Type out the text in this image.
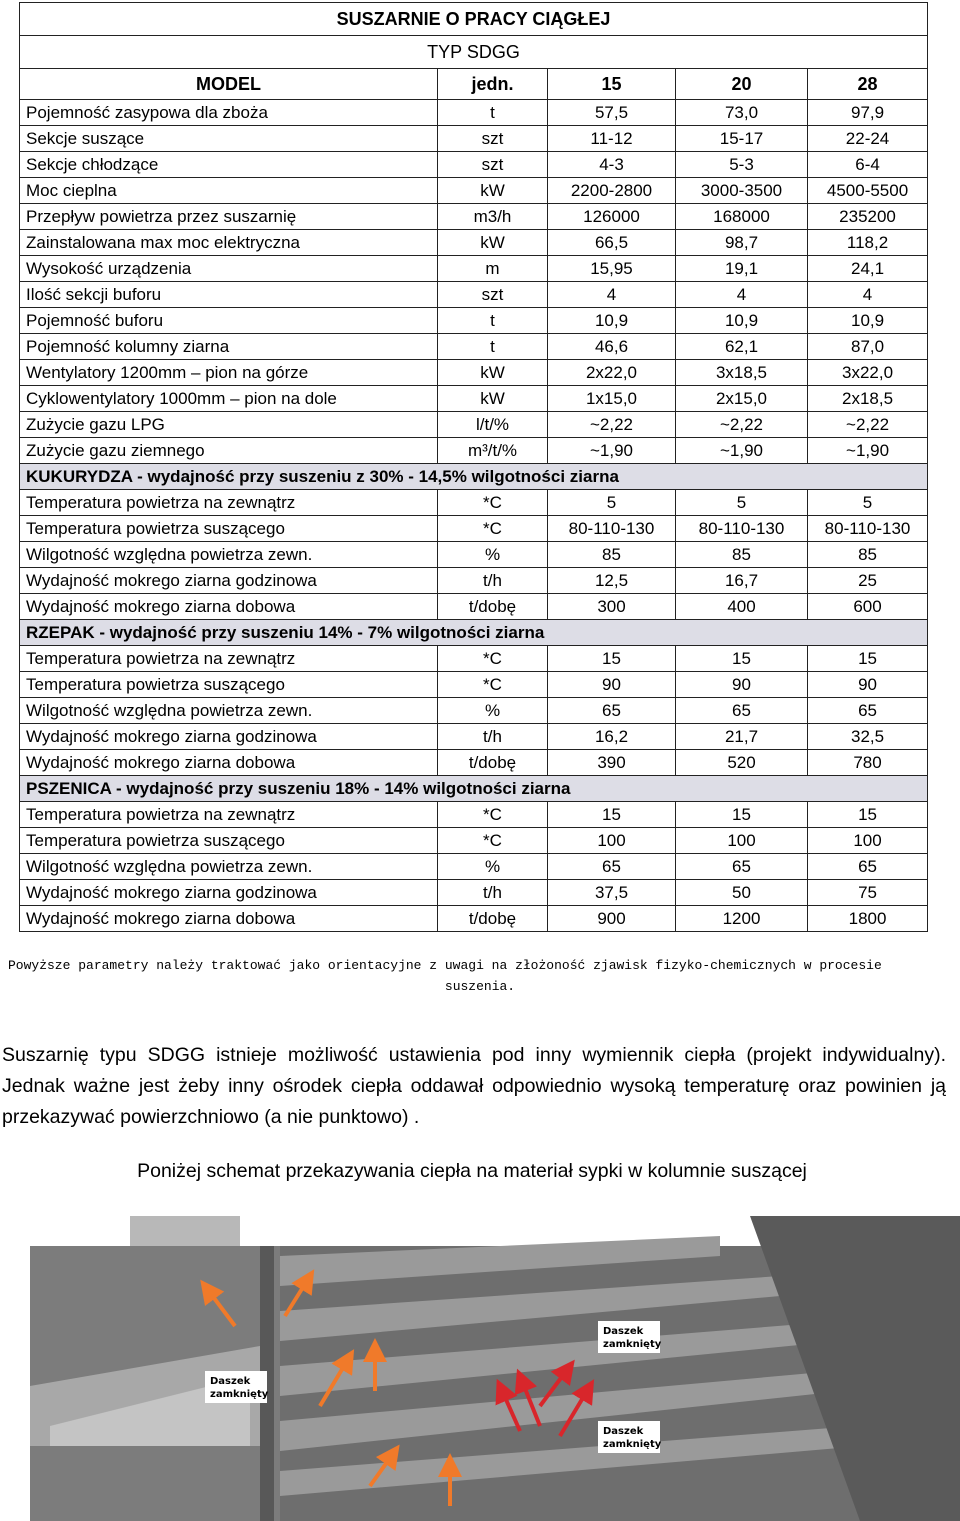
SUSZARNIE O PRACY CIĄGŁEJ				
TYP SDGG				
MODEL	jedn.	15	20	28
Pojemność zasypowa dla zboża	t	57,5	73,0	97,9
Sekcje suszące	szt	11-12	15-17	22-24
Sekcje chłodzące	szt	4-3	5-3	6-4
Moc cieplna	kW	2200-2800	3000-3500	4500-5500
Przepływ powietrza przez suszarnię	m3/h	126000	168000	235200
Zainstalowana max moc elektryczna	kW	66,5	98,7	118,2
Wysokość urządzenia	m	15,95	19,1	24,1
Ilość sekcji buforu	szt	4	4	4
Pojemność buforu	t	10,9	10,9	10,9
Pojemność kolumny ziarna	t	46,6	62,1	87,0
Wentylatory 1200mm – pion na górze	kW	2x22,0	3x18,5	3x22,0
Cyklowentylatory 1000mm – pion na dole	kW	1x15,0	2x15,0	2x18,5
Zużycie gazu LPG	l/t/%	~2,22	~2,22	~2,22
Zużycie gazu ziemnego	m³/t/%	~1,90	~1,90	~1,90
KUKURYDZA - wydajność przy suszeniu z 30% - 14,5% wilgotności ziarna				
Temperatura powietrza na zewnątrz	*C	5	5	5
Temperatura powietrza suszącego	*C	80-110-130	80-110-130	80-110-130
Wilgotność względna powietrza zewn.	%	85	85	85
Wydajność mokrego ziarna godzinowa	t/h	12,5	16,7	25
Wydajność mokrego ziarna dobowa	t/dobę	300	400	600
RZEPAK - wydajność przy suszeniu 14% - 7% wilgotności ziarna				
Temperatura powietrza na zewnątrz	*C	15	15	15
Temperatura powietrza suszącego	*C	90	90	90
Wilgotność względna powietrza zewn.	%	65	65	65
Wydajność mokrego ziarna godzinowa	t/h	16,2	21,7	32,5
Wydajność mokrego ziarna dobowa	t/dobę	390	520	780
PSZENICA - wydajność przy suszeniu 18% - 14% wilgotności ziarna				
Temperatura powietrza na zewnątrz	*C	15	15	15
Temperatura powietrza suszącego	*C	100	100	100
Wilgotność względna powietrza zewn.	%	65	65	65
Wydajność mokrego ziarna godzinowa	t/h	37,5	50	75
Wydajność mokrego ziarna dobowa	t/dobę	900	1200	1800
Powyższe parametry należy traktować jako orientacyjne z uwagi na złożoność zjawisk fizyko-chemicznych w procesie
suszenia.
Suszarnię typu SDGG istnieje możliwość ustawienia pod inny wymiennik ciepła (projekt indywidualny). Jednak ważne jest żeby inny ośrodek ciepła oddawał odpowiednio wysoką temperaturę oraz powinien ją przekazywać powierzchniowo (a nie punktowo) .
Poniżej schemat przekazywania ciepła na materiał sypki w kolumnie suszącej
Daszek
zamknięty
Daszek
zamknięty
Daszek
zamknięty
